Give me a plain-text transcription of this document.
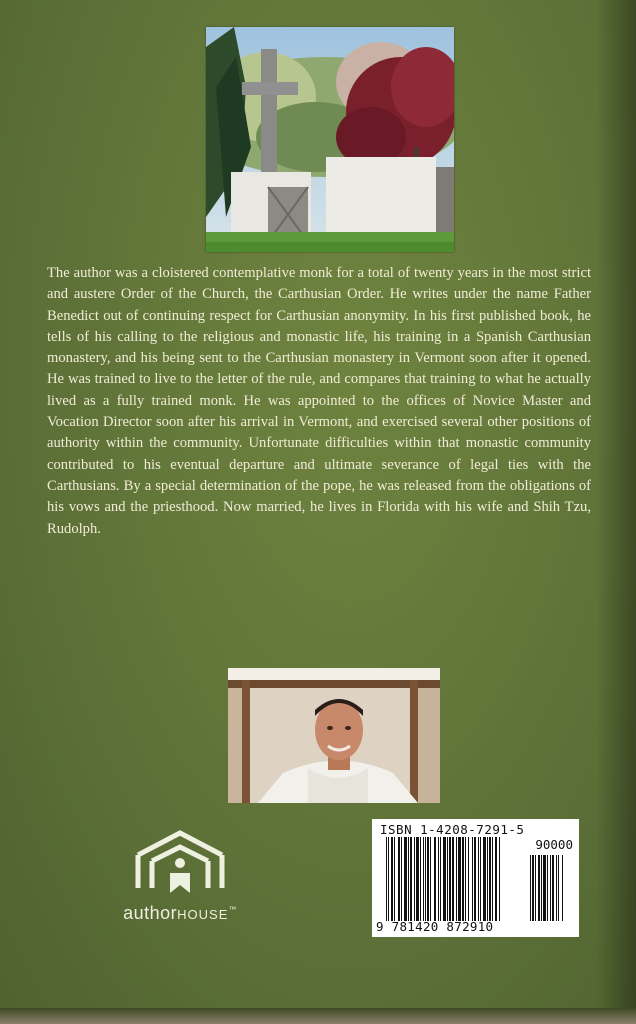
The author was a cloistered contemplative monk for a total of twenty years in the most strict and austere Order of the Church, the Carthusian Order. He writes under the name Father Benedict out of continuing respect for Carthusian anonymity. In his first published book, he tells of his calling to the religious and monastic life, his training in a Spanish Carthusian monastery, and his being sent to the Carthusian monastery in Vermont soon after it opened. He was trained to live to the letter of the rule, and compares that training to what he actually lived as a fully trained monk. He was appointed to the offices of Novice Master and Vocation Director soon after his arrival in Vermont, and exercised several other positions of authority within the community. Unfortunate difficulties within that monastic community contributed to his eventual departure and ultimate severance of legal ties with the Carthusians. By a special determination of the pope, he was released from the obligations of his vows and the priesthood. Now married, he lives in Florida with his wife and Shih Tzu, Rudolph.

authorHOUSE™
ISBN 1-4208-7291-5
90000
9 781420 872910
